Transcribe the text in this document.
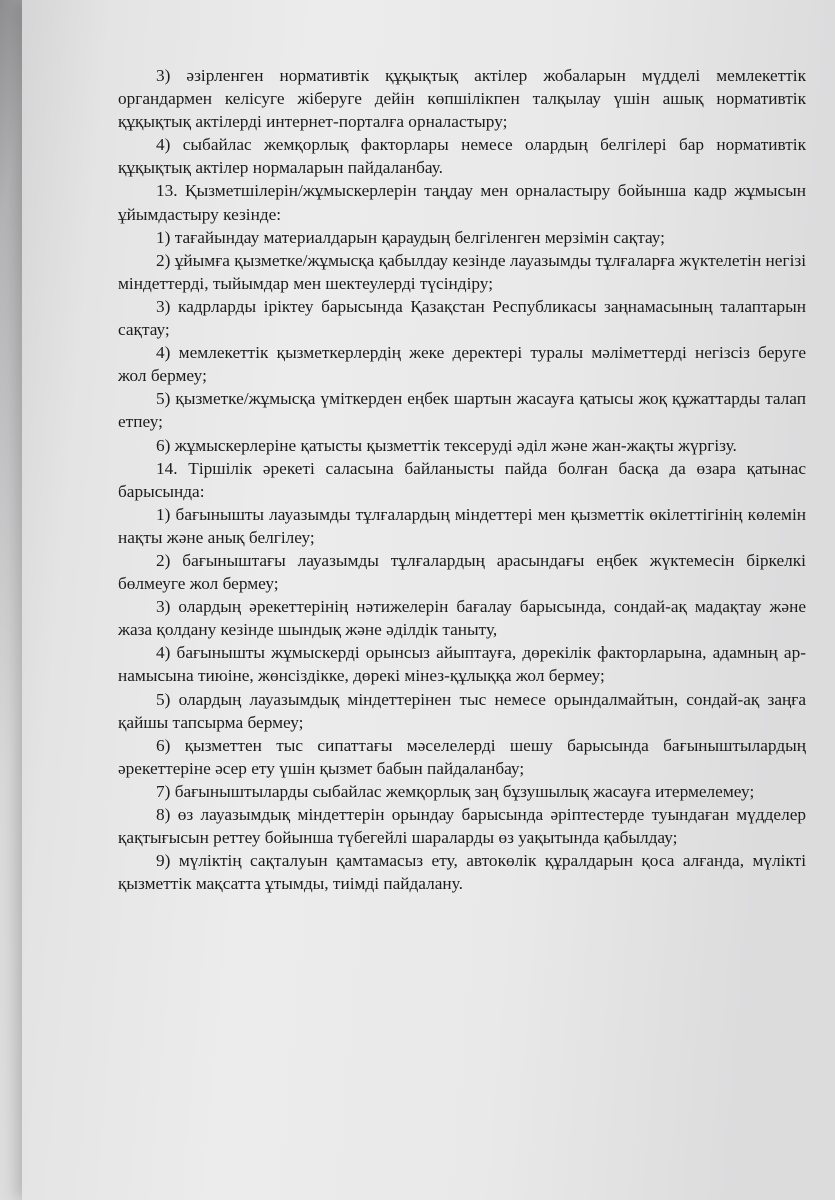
3) әзірленген нормативтік құқықтық актілер жобаларын мүдделі мемлекеттік органдармен келісуге жіберуге дейін көпшілікпен талқылау үшін ашық нормативтік құқықтық актілерді интернет-порталға орналастыру;

4) сыбайлас жемқорлық факторлары немесе олардың белгілері бар нормативтік құқықтық актілер нормаларын пайдаланбау.

13. Қызметшілерін/жұмыскерлерін таңдау мен орналастыру бойынша кадр жұмысын ұйымдастыру кезінде:

1) тағайындау материалдарын қараудың белгіленген мерзімін сақтау;

2) ұйымға қызметке/жұмысқа қабылдау кезінде лауазымды тұлғаларға жүктелетін негізі міндеттерді, тыйымдар мен шектеулерді түсіндіру;

3) кадрларды іріктеу барысында Қазақстан Республикасы заңнамасының талаптарын сақтау;

4) мемлекеттік қызметкерлердің жеке деректері туралы мәліметтерді негізсіз беруге жол бермеу;

5) қызметке/жұмысқа үміткерден еңбек шартын жасауға қатысы жоқ құжаттарды талап етпеу;

6) жұмыскерлеріне қатысты қызметтік тексеруді әділ және жан-жақты жүргізу.

14. Тіршілік әрекеті саласына байланысты пайда болған басқа да өзара қатынас барысында:

1) бағынышты лауазымды тұлғалардың міндеттері мен қызметтік өкілеттігінің көлемін нақты және анық белгілеу;

2) бағыныштағы лауазымды тұлғалардың арасындағы еңбек жүктемесін біркелкі бөлмеуге жол бермеу;

3) олардың әрекеттерінің нәтижелерін бағалау барысында, сондай-ақ мадақтау және жаза қолдану кезінде шындық және әділдік таныту,

4) бағынышты жұмыскерді орынсыз айыптауға, дөрекілік факторларына, адамның ар-намысына тиюіне, жөнсіздікке, дөрекі мінез-құлыққа жол бермеу;

5) олардың лауазымдық міндеттерінен тыс немесе орындалмайтын, сондай-ақ заңға қайшы тапсырма бермеу;

6) қызметтен тыс сипаттағы мәселелерді шешу барысында бағыныштылардың әрекеттеріне әсер ету үшін қызмет бабын пайдаланбау;

7) бағыныштыларды сыбайлас жемқорлық заң бұзушылық жасауға итермелемеу;

8) өз лауазымдық міндеттерін орындау барысында әріптестерде туындаған мүдделер қақтығысын реттеу бойынша түбегейлі шараларды өз уақытында қабылдау;

9) мүліктің сақталуын қамтамасыз ету, автокөлік құралдарын қоса алғанда, мүлікті қызметтік мақсатта ұтымды, тиімді пайдалану.
